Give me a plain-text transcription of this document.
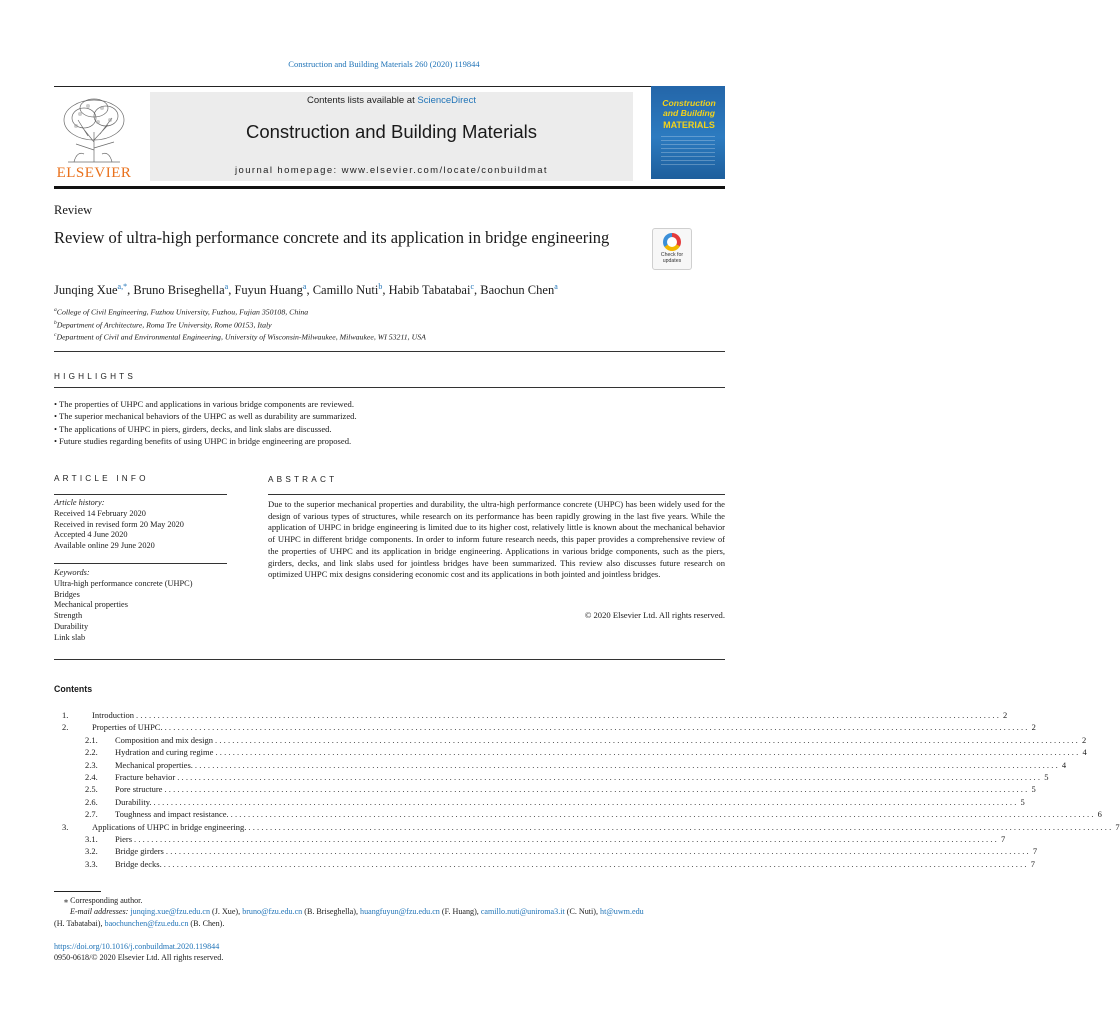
Construction and Building Materials 260 (2020) 119844
ELSEVIER
Contents lists available at ScienceDirect
Construction and Building Materials
journal homepage: www.elsevier.com/locate/conbuildmat
Construction and Building
MATERIALS
Review
Review of ultra-high performance concrete and its application in bridge engineering
Check for
updates
Junqing Xue$^{a,*}$, Bruno Briseghella$^a$, Fuyun Huang$^a$, Camillo Nuti$^b$, Habib Tabatabai$^c$, Baochun Chen$^a$
$^a$College of Civil Engineering, Fuzhou University, Fuzhou, Fujian 350108, China
$^b$Department of Architecture, Roma Tre University, Rome 00153, Italy
$^c$Department of Civil and Environmental Engineering, University of Wisconsin-Milwaukee, Milwaukee, WI 53211, USA
HIGHLIGHTS
• The properties of UHPC and applications in various bridge components are reviewed.
• The superior mechanical behaviors of the UHPC as well as durability are summarized.
• The applications of UHPC in piers, girders, decks, and link slabs are discussed.
• Future studies regarding benefits of using UHPC in bridge engineering are proposed.
ARTICLE INFO
Article history:
Received 14 February 2020
Received in revised form 20 May 2020
Accepted 4 June 2020
Available online 29 June 2020
Keywords:
Ultra-high performance concrete (UHPC)
Bridges
Mechanical properties
Strength
Durability
Link slab
ABSTRACT
Due to the superior mechanical properties and durability, the ultra-high performance concrete (UHPC) has been widely used for the design of various types of structures, while research on its performance has been rapidly growing in the last five years. While the application of UHPC in bridge engineering is limited due to its higher cost, relatively little is known about the mechanical behavior of UHPC in different bridge components. In order to inform future research needs, this paper provides a comprehensive review of the properties of UHPC and its application in bridge engineering. Applications in various bridge components, such as the piers, girders, decks, and link slabs used for jointless bridges have been summarized. This review also discusses future research on optimized UHPC mix designs considering economic cost and its applications in both jointed and jointless bridges.
© 2020 Elsevier Ltd. All rights reserved.
Contents
1.	Introduction ........................................................................................................................................................................................................ 2
2.	Properties of UHPC. ........................................................................................................................................................................................................ 2
2.1.	Composition and mix design ........................................................................................................................................................................................................ 2
2.2.	Hydration and curing regime ........................................................................................................................................................................................................ 4
2.3.	Mechanical properties. ........................................................................................................................................................................................................ 4
2.4.	Fracture behavior ........................................................................................................................................................................................................ 5
2.5.	Pore structure ........................................................................................................................................................................................................ 5
2.6.	Durability. ........................................................................................................................................................................................................ 5
2.7.	Toughness and impact resistance. ........................................................................................................................................................................................................ 6
3.	Applications of UHPC in bridge engineering. ........................................................................................................................................................................................................ 7
3.1.	Piers ........................................................................................................................................................................................................ 7
3.2.	Bridge girders ........................................................................................................................................................................................................ 7
3.3.	Bridge decks. ........................................................................................................................................................................................................ 7
⁎ Corresponding author.
E-mail addresses: junqing.xue@fzu.edu.cn (J. Xue), bruno@fzu.edu.cn (B. Briseghella), huangfuyun@fzu.edu.cn (F. Huang), camillo.nuti@uniroma3.it (C. Nuti), ht@uwm.edu
(H. Tabatabai), baochunchen@fzu.edu.cn (B. Chen).
https://doi.org/10.1016/j.conbuildmat.2020.119844
0950-0618/© 2020 Elsevier Ltd. All rights reserved.
